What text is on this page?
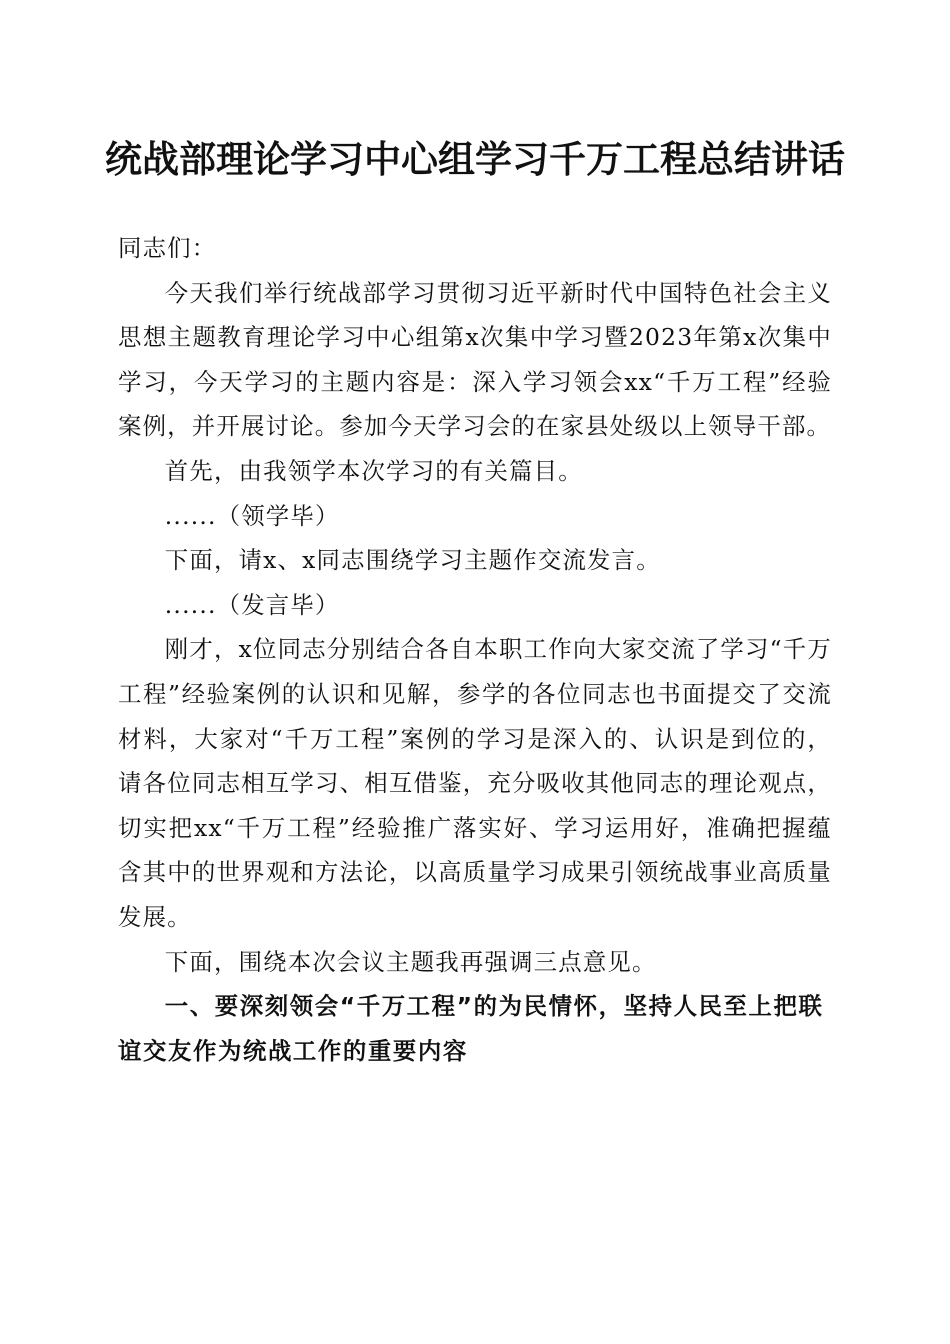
统战部理论学习中心组学习千万工程总结讲话

同志们：

今天我们举行统战部学习贯彻习近平新时代中国特色社会主义思想主题教育理论学习中心组第x次集中学习暨2023年第x次集中学习，今天学习的主题内容是：深入学习领会xx“千万工程”经验案例，并开展讨论。参加今天学习会的在家县处级以上领导干部。

首先，由我领学本次学习的有关篇目。

......（领学毕）

下面，请x、x同志围绕学习主题作交流发言。

......（发言毕）

刚才，x位同志分别结合各自本职工作向大家交流了学习“千万工程”经验案例的认识和见解，参学的各位同志也书面提交了交流材料，大家对“千万工程”案例的学习是深入的、认识是到位的，请各位同志相互学习、相互借鉴，充分吸收其他同志的理论观点，切实把xx“千万工程”经验推广落实好、学习运用好，准确把握蕴含其中的世界观和方法论，以高质量学习成果引领统战事业高质量发展。

下面，围绕本次会议主题我再强调三点意见。

一、要深刻领会“千万工程”的为民情怀，坚持人民至上把联谊交友作为统战工作的重要内容
